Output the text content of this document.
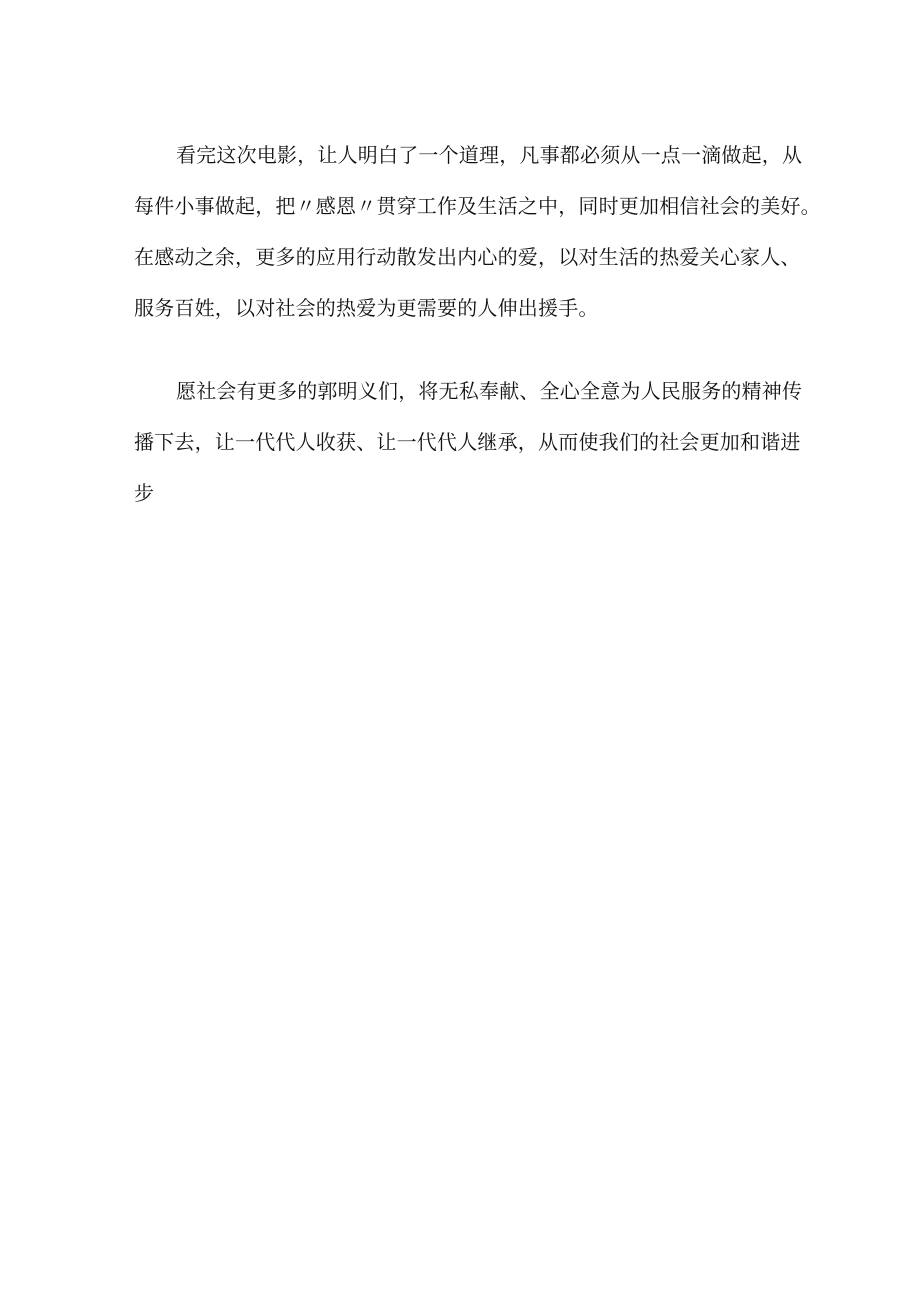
看完这次电影，让人明白了一个道理，凡事都必须从一点一滴做起，从
每件小事做起，把〃感恩〃贯穿工作及生活之中，同时更加相信社会的美好。
在感动之余，更多的应用行动散发出内心的爱，以对生活的热爱关心家人、
服务百姓，以对社会的热爱为更需要的人伸出援手。
愿社会有更多的郭明义们，将无私奉献、全心全意为人民服务的精神传
播下去，让一代代人收获、让一代代人继承，从而使我们的社会更加和谐进
步
